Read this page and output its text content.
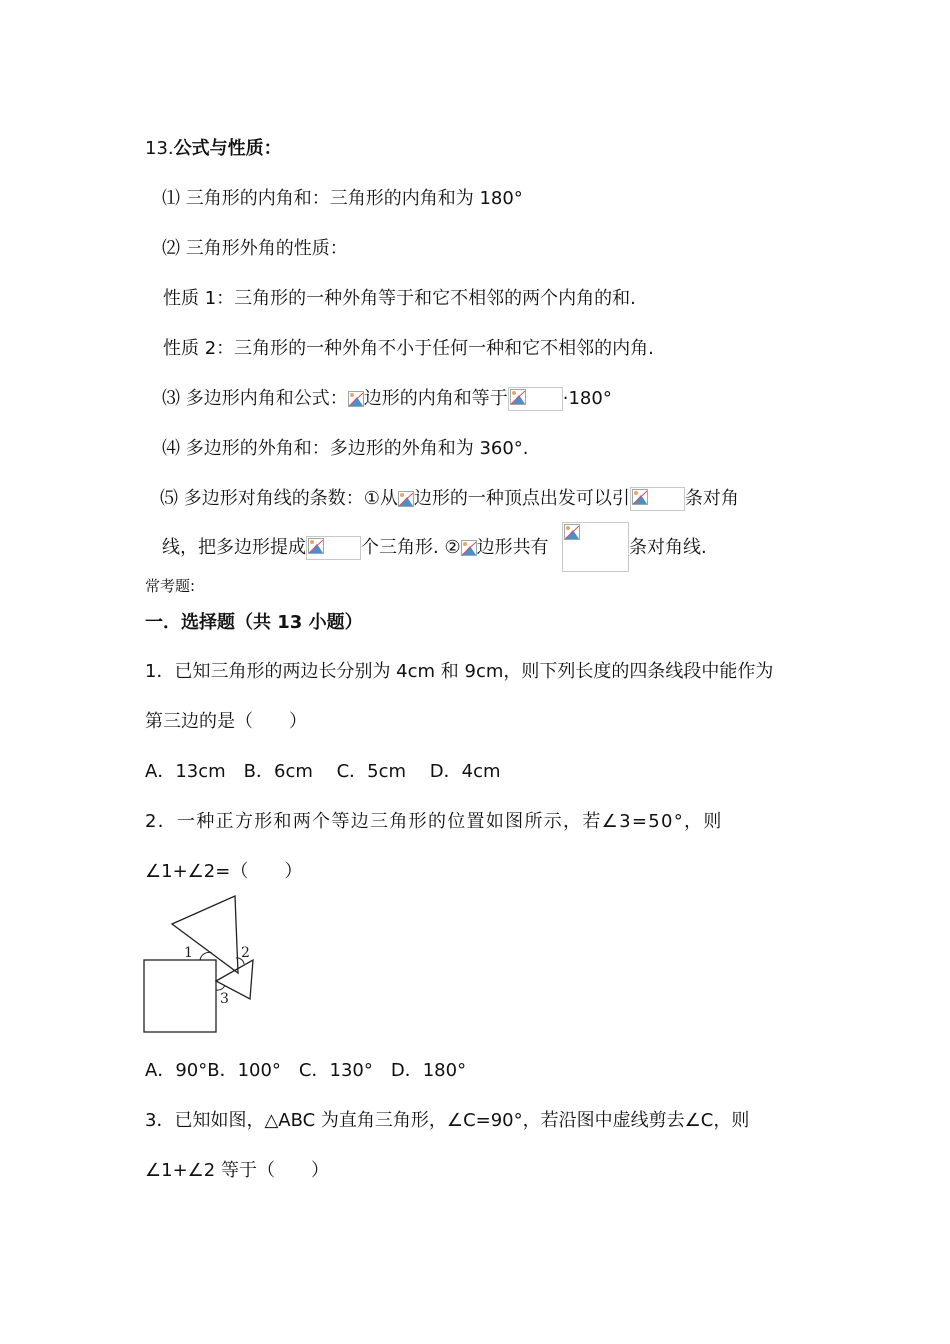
13.公式与性质：
⑴ 三角形的内角和：三角形的内角和为 180°
⑵ 三角形外角的性质：
性质 1：三角形的一种外角等于和它不相邻的两个内角的和.
性质 2：三角形的一种外角不小于任何一种和它不相邻的内角.
⑶ 多边形内角和公式： 边形的内角和等于	·180°
⑷ 多边形的外角和：多边形的外角和为 360°.
⑸ 多边形对角线的条数：①从 边形的一种顶点出发可以引	条对角
线，把多边形提成	个三角形. ② 边形共有	条对角线.
常考题:
一．选择题（共 13 小题）
1．已知三角形的两边长分别为 4cm 和 9cm，则下列长度的四条线段中能作为
第三边的是（　　）
A．13cm　B．6cm　 C．5cm　 D．4cm
2．一种正方形和两个等边三角形的位置如图所示，若∠3=50°，则
∠1+∠2=（　　）
1	2
3
A．90°B．100°　C．130°　D．180°
3．已知如图，△ABC 为直角三角形，∠C=90°，若沿图中虚线剪去∠C，则
∠1+∠2 等于（　　）
